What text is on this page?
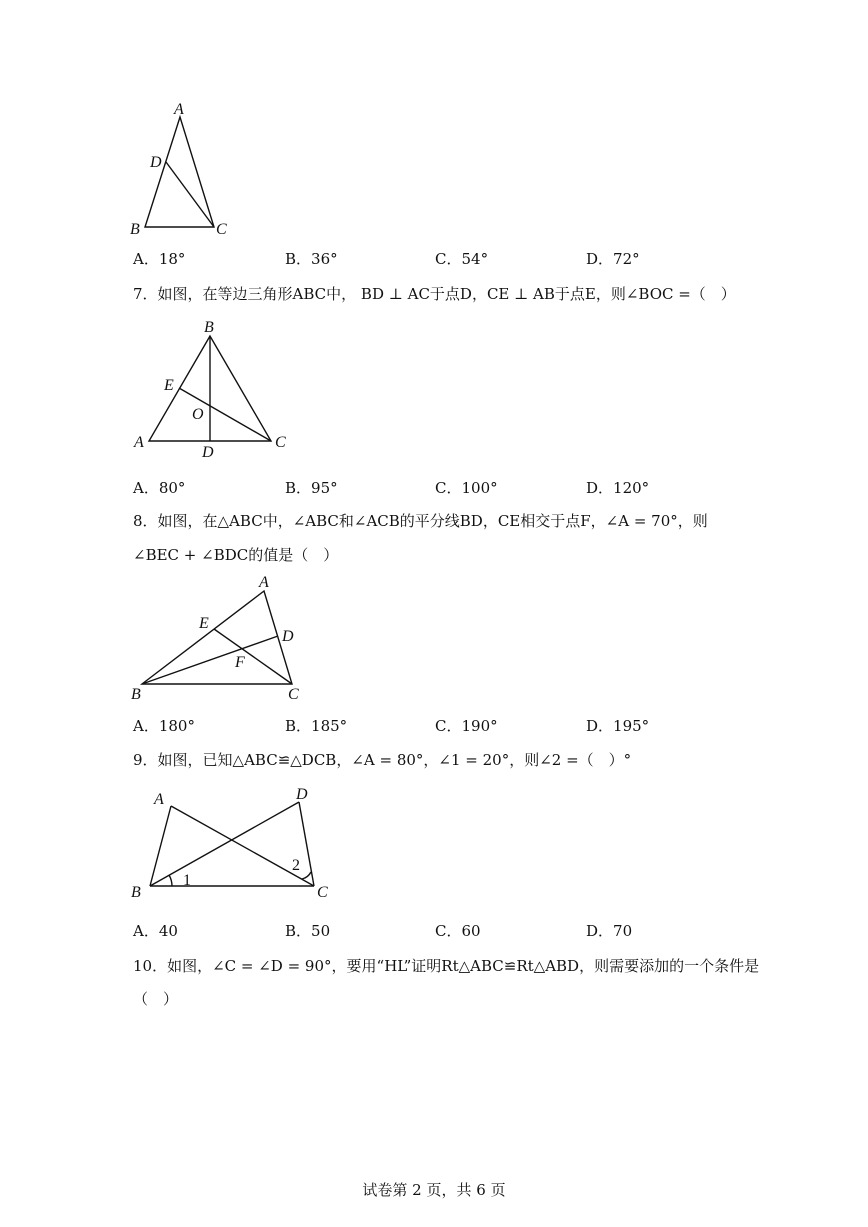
A
D
B	C
A．18°	B．36°	C．54°	D．72°
7．如图，在等边三角形ABC中， BD ⊥ AC于点D，CE ⊥ AB于点E，则∠BOC =（　）
B
E
O
A
D
C
A．80°	B．95°	C．100°	D．120°
8．如图，在△ABC中，∠ABC和∠ACB的平分线BD，CE相交于点F，∠A = 70°，则
∠BEC + ∠BDC的值是（　）
A
E
D
F
B	C
A．180°	B．185°	C．190°	D．195°
9．如图，已知△ABC≌△DCB，∠A = 80°，∠1 = 20°，则∠2 =（　）°
A	D
2
1
B	C
A．40	B．50	C．60	D．70
10．如图，∠C = ∠D = 90°，要用“HL”证明Rt△ABC≌Rt△ABD，则需要添加的一个条件是
（　）
试卷第 2 页，共 6 页
